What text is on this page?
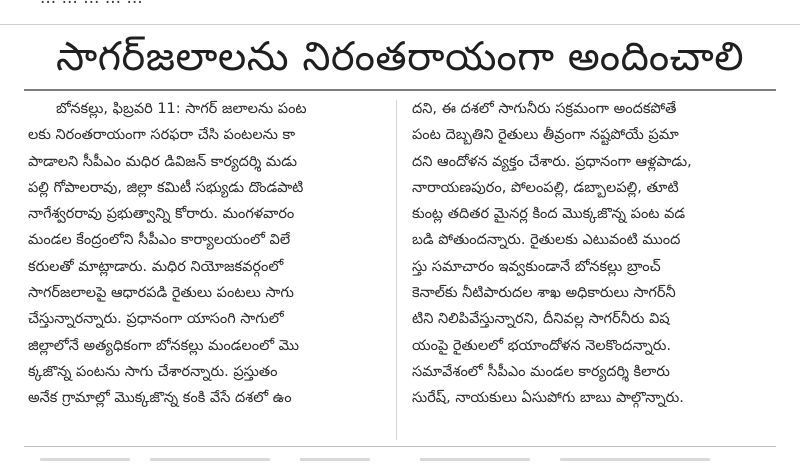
సాగర్‌జలాలను నిరంతరాయంగా అందించాలి
బోనకల్లు, ఫిబ్రవరి 11: సాగర్ జలాలను పంట
లకు నిరంతరాయంగా సరఫరా చేసి పంటలను కా
పాడాలని సీపీఎం మధిర డివిజన్ కార్యదర్శి మడు
పల్లి గోపాలరావు, జిల్లా కమిటీ సభ్యుడు దొండపాటి
నాగేశ్వరరావు ప్రభుత్వాన్ని కోరారు. మంగళవారం
మండల కేంద్రంలోని సీపీఎం కార్యాలయంలో విలే
కరులతో మాట్లాడారు. మధిర నియోజకవర్గంలో
సాగర్‌జలాలపై ఆధారపడి రైతులు పంటలు సాగు
చేస్తున్నారన్నారు. ప్రధానంగా యాసంగి సాగులో
జిల్లాలోనే అత్యధికంగా బోనకల్లు మండలంలో మొ
క్కజొన్న పంటను సాగు చేశారన్నారు. ప్రస్తుతం
అనేక గ్రామాల్లో మొక్కజొన్న కంకి వేసే దశలో ఉం
దని, ఈ దశలో సాగునీరు సక్రమంగా అందకపోతే
పంట దెబ్బతిని రైతులు తీవ్రంగా నష్టపోయే ప్రమా
దని ఆందోళన వ్యక్తం చేశారు. ప్రధానంగా ఆళ్లపాడు,
నారాయణపురం, పోలంపల్లి, డబ్బాలపల్లి, తూటి
కుంట్ల తదితర మైనర్ల కింద మొక్కజొన్న పంట వడ
బడి పోతుందన్నారు. రైతులకు ఎటువంటి ముంద
స్తు సమాచారం ఇవ్వకుండానే బోనకల్లు బ్రాంచ్
కెనాల్‌కు నీటిపారుదల శాఖ అధికారులు సాగర్‌నీ
టిని నిలిపివేస్తున్నారని, దీనివల్ల సాగర్‌నీరు విష
యంపై రైతులలో భయాందోళన నెలకొందన్నారు.
సమావేశంలో సీపీఎం మండల కార్యదర్శి కిలారు
సురేష్, నాయకులు ఏసుపోగు బాబు పాల్గొన్నారు.
